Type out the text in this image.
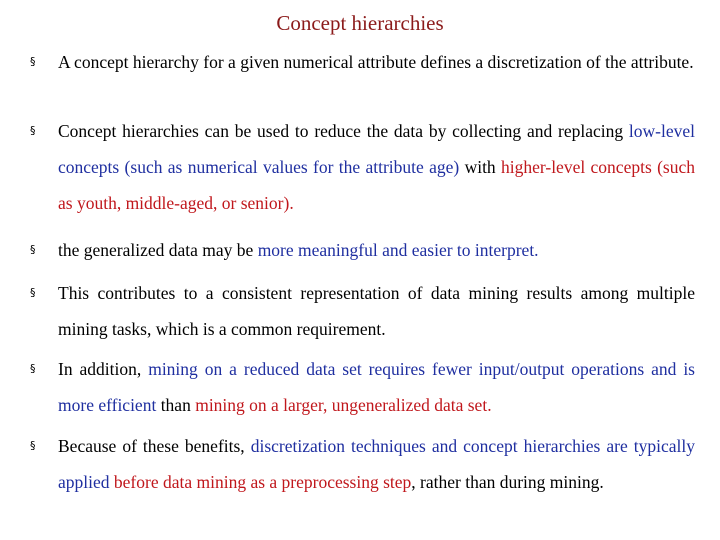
Concept hierarchies
§ A concept hierarchy for a given numerical attribute defines a discretization of the attribute.
§ Concept hierarchies can be used to reduce the data by collecting and replacing low-level concepts (such as numerical values for the attribute age) with higher-level concepts (such as youth, middle-aged, or senior).
§ the generalized data may be more meaningful and easier to interpret.
§ This contributes to a consistent representation of data mining results among multiple mining tasks, which is a common requirement.
§ In addition, mining on a reduced data set requires fewer input/output operations and is more efficient than mining on a larger, ungeneralized data set.
§ Because of these benefits, discretization techniques and concept hierarchies are typically applied before data mining as a preprocessing step, rather than during mining.
